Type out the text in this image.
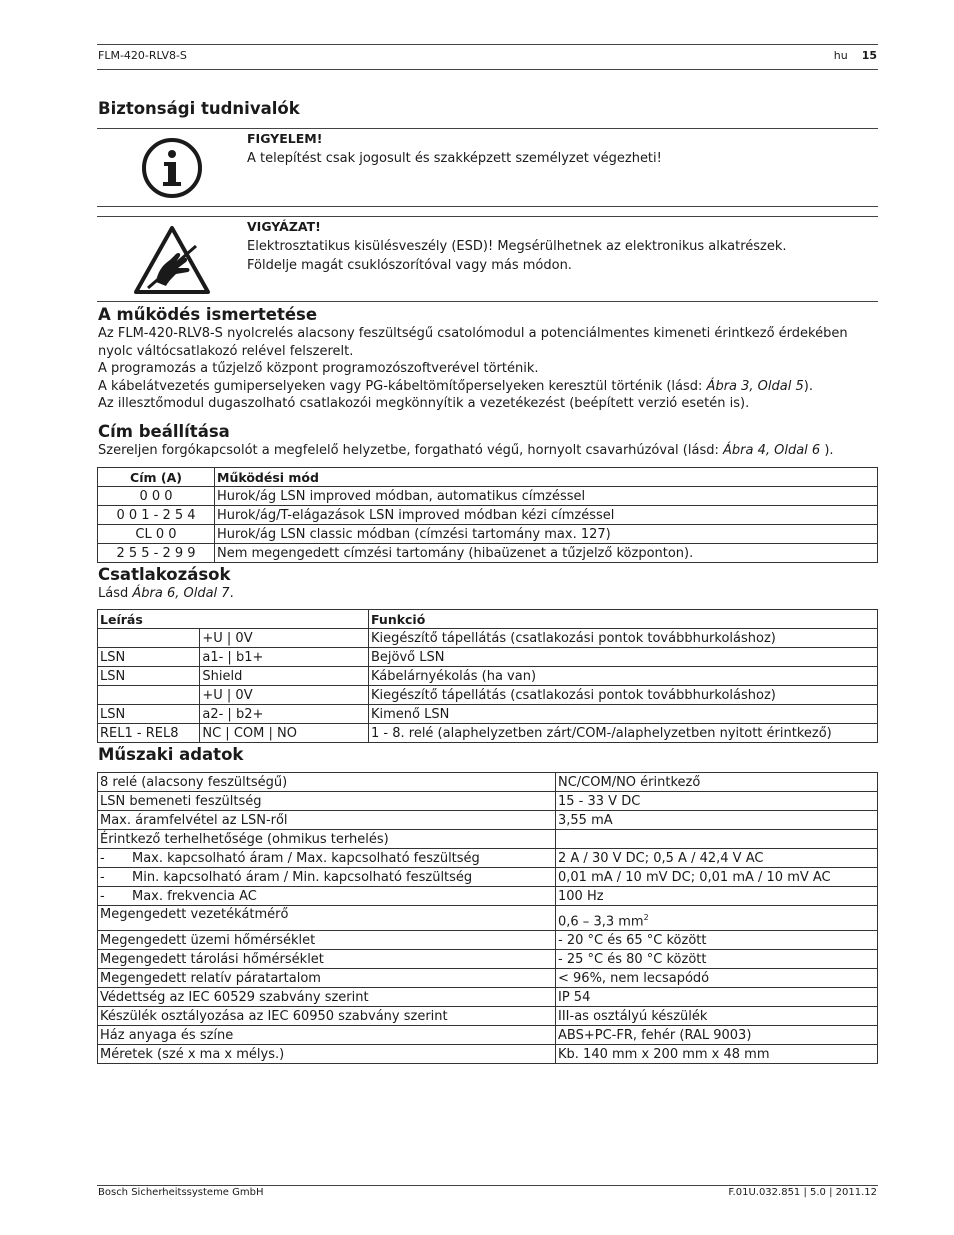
FLM-420-RLV8-S	hu 15
Biztonsági tudnivalók
FIGYELEM!
A telepítést csak jogosult és szakképzett személyzet végezheti!
VIGYÁZAT!
Elektrosztatikus kisülésveszély (ESD)! Megsérülhetnek az elektronikus alkatrészek.
Földelje magát csuklószorítóval vagy más módon.
A működés ismertetése
Az FLM-420-RLV8-S nyolcrelés alacsony feszültségű csatolómodul a potenciálmentes kimeneti érintkező érdekében
nyolc váltócsatlakozó relével felszerelt.
A programozás a tűzjelző központ programozószoftverével történik.
A kábelátvezetés gumiperselyeken vagy PG-kábeltömítőperselyeken keresztül történik (lásd: Ábra 3, Oldal 5).
Az illesztőmodul dugaszolható csatlakozói megkönnyítik a vezetékezést (beépített verzió esetén is).
Cím beállítása
Szereljen forgókapcsolót a megfelelő helyzetbe, forgatható végű, hornyolt csavarhúzóval (lásd: Ábra 4, Oldal 6 ).
Cím (A)	Működési mód
0 0 0	Hurok/ág LSN improved módban, automatikus címzéssel
0 0 1 - 2 5 4	Hurok/ág/T-elágazások LSN improved módban kézi címzéssel
CL 0 0	Hurok/ág LSN classic módban (címzési tartomány max. 127)
2 5 5 - 2 9 9	Nem megengedett címzési tartomány (hibaüzenet a tűzjelző központon).
Csatlakozások
Lásd Ábra 6, Oldal 7.
Leírás		Funkció
	+U | 0V	Kiegészítő tápellátás (csatlakozási pontok továbbhurkoláshoz)
LSN	a1- | b1+	Bejövő LSN
LSN	Shield	Kábelárnyékolás (ha van)
	+U | 0V	Kiegészítő tápellátás (csatlakozási pontok továbbhurkoláshoz)
LSN	a2- | b2+	Kimenő LSN
REL1 - REL8	NC | COM | NO	1 - 8. relé (alaphelyzetben zárt/COM-/alaphelyzetben nyitott érintkező)
Műszaki adatok
8 relé (alacsony feszültségű)	NC/COM/NO érintkező
LSN bemeneti feszültség	15 - 33 V DC
Max. áramfelvétel az LSN-ről	3,55 mA
Érintkező terhelhetősége (ohmikus terhelés)	
- Max. kapcsolható áram / Max. kapcsolható feszültség	2 A / 30 V DC; 0,5 A / 42,4 V AC
- Min. kapcsolható áram / Min. kapcsolható feszültség	0,01 mA / 10 mV DC; 0,01 mA / 10 mV AC
- Max. frekvencia AC	100 Hz
Megengedett vezetékátmérő	0,6 – 3,3 $mm^2$
Megengedett üzemi hőmérséklet	- 20 °C és 65 °C között
Megengedett tárolási hőmérséklet	- 25 °C és 80 °C között
Megengedett relatív páratartalom	< 96%, nem lecsapódó
Védettség az IEC 60529 szabvány szerint	IP 54
Készülék osztályozása az IEC 60950 szabvány szerint	III-as osztályú készülék
Ház anyaga és színe	ABS+PC-FR, fehér (RAL 9003)
Méretek (szé x ma x mélys.)	Kb. 140 mm x 200 mm x 48 mm
Bosch Sicherheitssysteme GmbH	F.01U.032.851 | 5.0 | 2011.12
